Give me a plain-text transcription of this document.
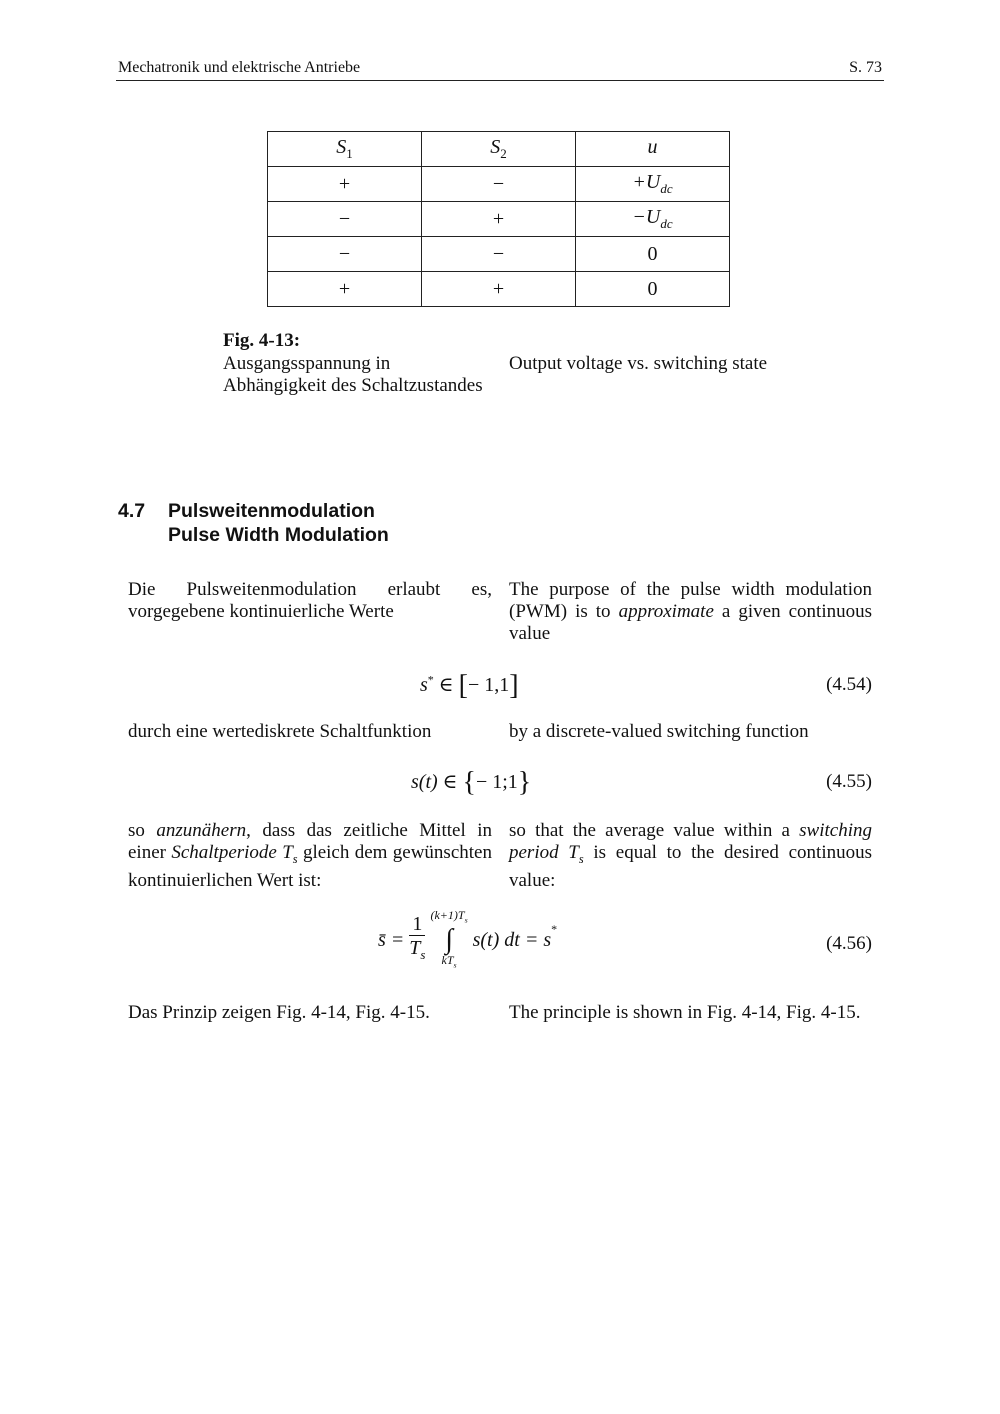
Mechatronik und elektrische Antriebe	S. 73
$S_1$	$S_2$	u
+	−	$+U_{dc}$
−	+	$-U_{dc}$
−	−	0
+	+	0
Fig. 4-13:
Ausgangsspannung in Abhängigkeit des Schaltzustandes
Output voltage vs. switching state
4.7 Pulsweitenmodulation
Pulse Width Modulation
Die Pulsweitenmodulation erlaubt es, vorgegebene kontinuierliche Werte
The purpose of the pulse width modulation (PWM) is to approximate a given continuous value
s* ∈ [− 1,1]	(4.54)
durch eine wertediskrete Schaltfunktion	by a discrete-valued switching function
s(t) ∈ {− 1;1}	(4.55)
so anzunähern, dass das zeitliche Mittel in einer Schaltperiode $T_s$ gleich dem gewünschten kontinuierlichen Wert ist:
so that the average value within a switching period $T_s$ is equal to the desired continuous value:
s̄ = $\frac{1}{T_s}$
$(k+1)T_s$
∫
$kT_s$
s(t) dt = s*
(4.56)
Das Prinzip zeigen Fig. 4-14, Fig. 4-15.	The principle is shown in Fig. 4-14, Fig. 4-15.
